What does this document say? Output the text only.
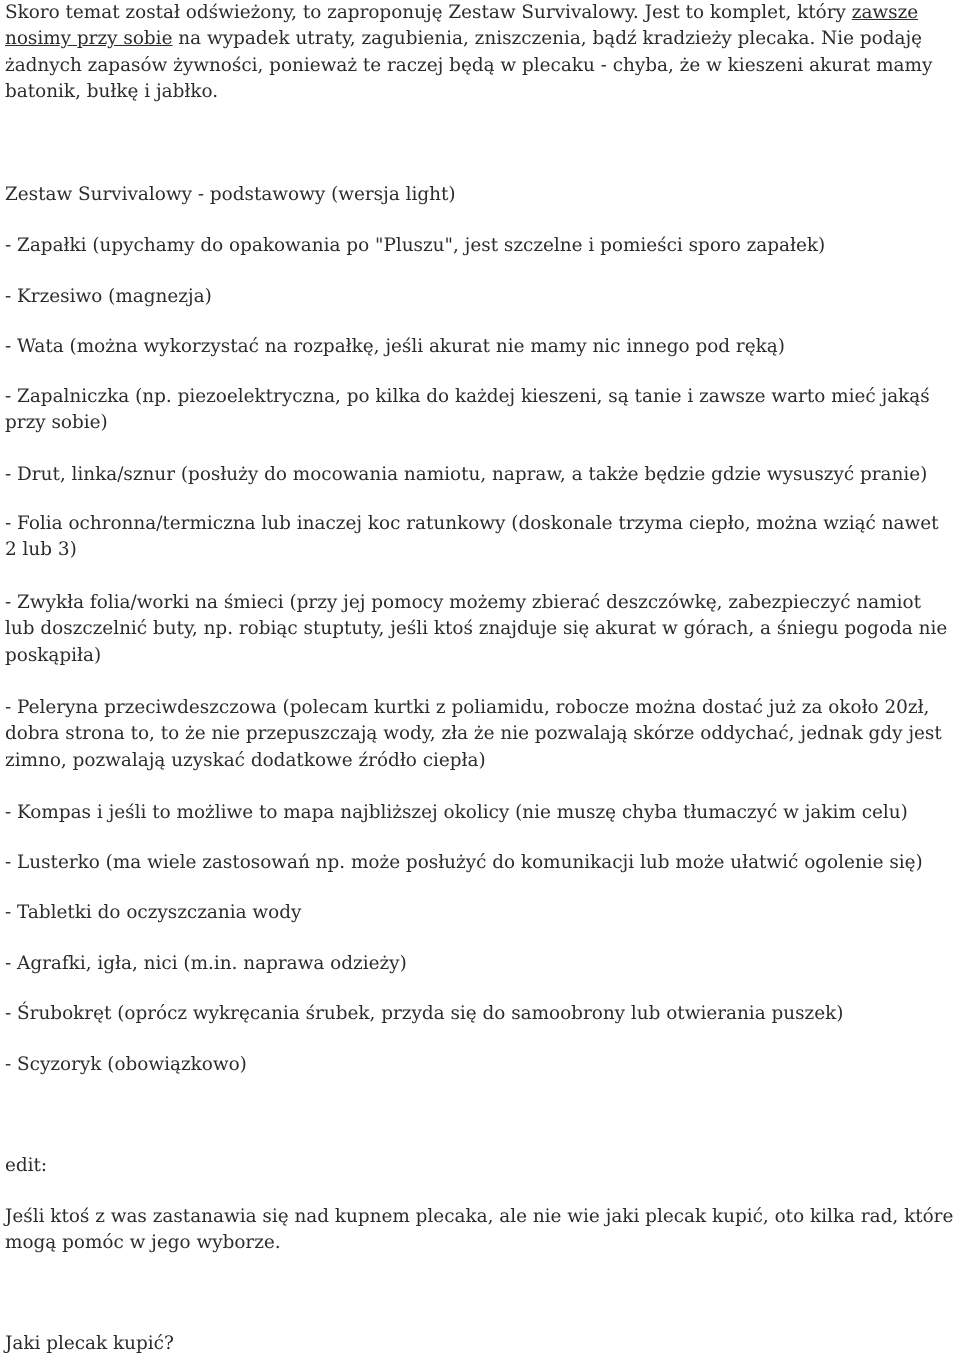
Skoro temat został odświeżony, to zaproponuję Zestaw Survivalowy. Jest to komplet, który zawsze nosimy przy sobie na wypadek utraty, zagubienia, zniszczenia, bądź kradzieży plecaka. Nie podaję żadnych zapasów żywności, ponieważ te raczej będą w plecaku - chyba, że w kieszeni akurat mamy batonik, bułkę i jabłko.

Zestaw Survivalowy - podstawowy (wersja light)

- Zapałki (upychamy do opakowania po "Pluszu", jest szczelne i pomieści sporo zapałek)

- Krzesiwo (magnezja)

- Wata (można wykorzystać na rozpałkę, jeśli akurat nie mamy nic innego pod ręką)

- Zapalniczka (np. piezoelektryczna, po kilka do każdej kieszeni, są tanie i zawsze warto mieć jakąś przy sobie)

- Drut, linka/sznur (posłuży do mocowania namiotu, napraw, a także będzie gdzie wysuszyć pranie)

- Folia ochronna/termiczna lub inaczej koc ratunkowy (doskonale trzyma ciepło, można wziąć nawet 2 lub 3)

- Zwykła folia/worki na śmieci (przy jej pomocy możemy zbierać deszczówkę, zabezpieczyć namiot lub doszczelnić buty, np. robiąc stuptuty, jeśli ktoś znajduje się akurat w górach, a śniegu pogoda nie poskąpiła)

- Peleryna przeciwdeszczowa (polecam kurtki z poliamidu, robocze można dostać już za około 20zł, dobra strona to, to że nie przepuszczają wody, zła że nie pozwalają skórze oddychać, jednak gdy jest zimno, pozwalają uzyskać dodatkowe źródło ciepła)

- Kompas i jeśli to możliwe to mapa najbliższej okolicy (nie muszę chyba tłumaczyć w jakim celu)

- Lusterko (ma wiele zastosowań np. może posłużyć do komunikacji lub może ułatwić ogolenie się)

- Tabletki do oczyszczania wody

- Agrafki, igła, nici (m.in. naprawa odzieży)

- Śrubokręt (oprócz wykręcania śrubek, przyda się do samoobrony lub otwierania puszek)

- Scyzoryk (obowiązkowo)

edit:

Jeśli ktoś z was zastanawia się nad kupnem plecaka, ale nie wie jaki plecak kupić, oto kilka rad, które mogą pomóc w jego wyborze.

Jaki plecak kupić?
